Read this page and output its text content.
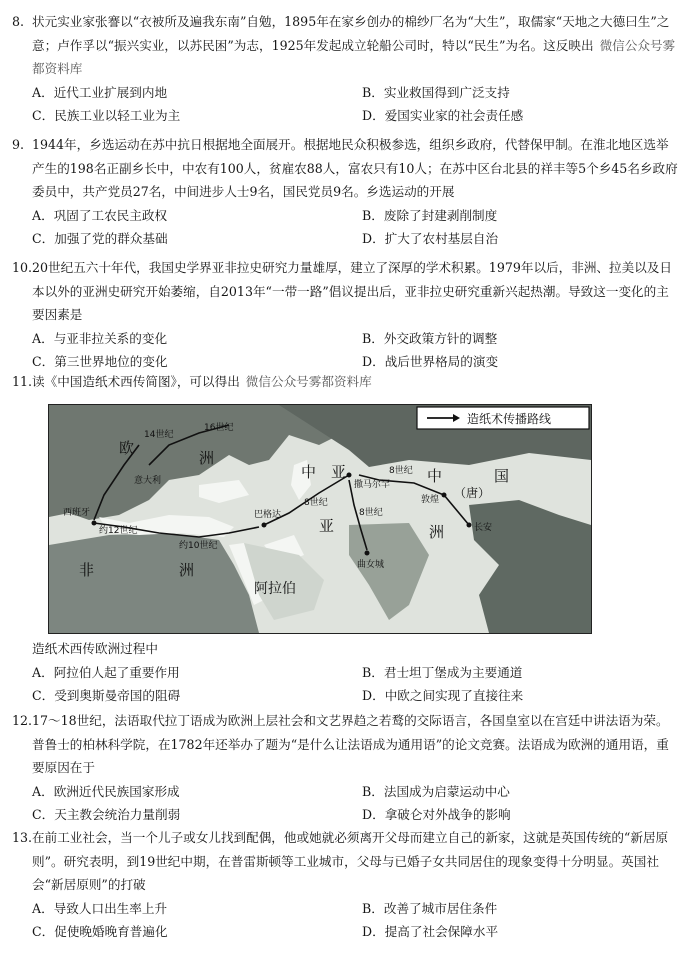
8. 状元实业家张謇以“衣被所及遍我东南”自勉，1895年在家乡创办的棉纱厂名为“大生”，取儒家“天地之大德曰生”之意；卢作孚以“振兴实业，以苏民困”为志，1925年发起成立轮船公司时，特以“民生”为名。这反映出 微信公众号雾都资料库

A．近代工业扩展到内地	B．实业救国得到广泛支持
C．民族工业以轻工业为主	D．爱国实业家的社会责任感

9. 1944年，乡选运动在苏中抗日根据地全面展开。根据地民众积极参选，组织乡政府，代替保甲制。在淮北地区选举产生的198名正副乡长中，中农有100人，贫雇农88人，富农只有10人；在苏中区台北县的祥丰等5个乡45名乡政府委员中，共产党员27名，中间进步人士9名，国民党员9名。乡选运动的开展

A．巩固了工农民主政权	B．废除了封建剥削制度
C．加强了党的群众基础	D．扩大了农村基层自治

10.20世纪五六十年代，我国史学界亚非拉史研究力量雄厚，建立了深厚的学术积累。1979年以后，非洲、拉美以及日本以外的亚洲史研究开始萎缩，自2013年“一带一路”倡议提出后，亚非拉史研究重新兴起热潮。导致这一变化的主要因素是

A．与亚非拉关系的变化	B．外交政策方针的调整
C．第三世界地位的变化	D．战后世界格局的演变

11.读《中国造纸术西传简图》，可以得出 微信公众号雾都资料库

造纸术传播路线
欧
洲
中　亚	中	国
（唐）
亚	洲
非	洲
阿拉伯
撒马尔罕
敦煌
长安
巴格达
曲女城
意大利
西班牙
14世纪
16世纪
8世纪
8世纪
8世纪
约12世纪
约10世纪

造纸术西传欧洲过程中

A．阿拉伯人起了重要作用	B．君士坦丁堡成为主要通道
C．受到奥斯曼帝国的阻碍	D．中欧之间实现了直接往来

12.17～18世纪，法语取代拉丁语成为欧洲上层社会和文艺界趋之若鹜的交际语言，各国皇室以在宫廷中讲法语为荣。普鲁士的柏林科学院，在1782年还举办了题为“是什么让法语成为通用语”的论文竞赛。法语成为欧洲的通用语，重要原因在于

A．欧洲近代民族国家形成	B．法国成为启蒙运动中心
C．天主教会统治力量削弱	D．拿破仑对外战争的影响

13.在前工业社会，当一个儿子或女儿找到配偶，他或她就必须离开父母而建立自己的新家，这就是英国传统的“新居原则”。研究表明，到19世纪中期，在普雷斯顿等工业城市，父母与已婚子女共同居住的现象变得十分明显。英国社会“新居原则”的打破

A．导致人口出生率上升	B．改善了城市居住条件
C．促使晚婚晚育普遍化	D．提高了社会保障水平
